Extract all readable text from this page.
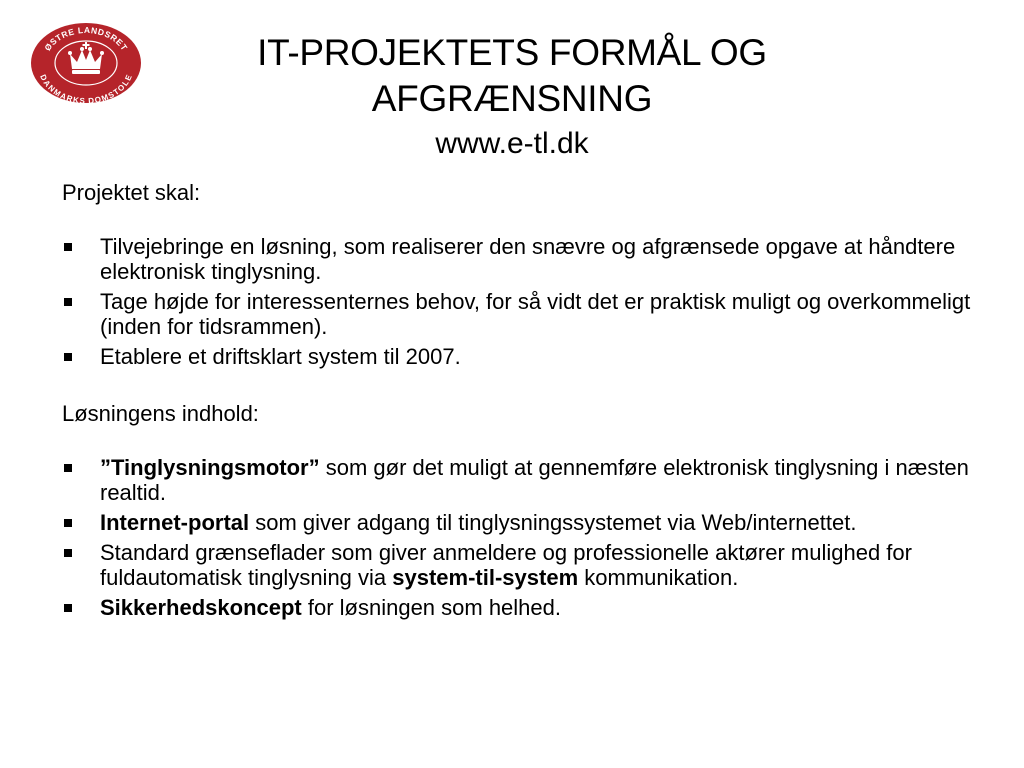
ØSTRE LANDSRET
DANMARKS DOMSTOLE
IT-PROJEKTETS FORMÅL OG
AFGRÆNSNING
www.e-tl.dk

Projektet skal:

Tilvejebringe en løsning, som realiserer den snævre og afgrænsede opgave at håndtere elektronisk tinglysning.
Tage højde for interessenternes behov, for så vidt det er praktisk muligt og overkommeligt (inden for tidsrammen).
Etablere et driftsklart system til 2007.

Løsningens indhold:

”Tinglysningsmotor” som gør det muligt at gennemføre elektronisk tinglysning i næsten realtid.
Internet-portal som giver adgang til tinglysningssystemet via Web/internettet.
Standard grænseflader som giver anmeldere og professionelle aktører mulighed for fuldautomatisk tinglysning via system-til-system kommunikation.
Sikkerhedskoncept for løsningen som helhed.
